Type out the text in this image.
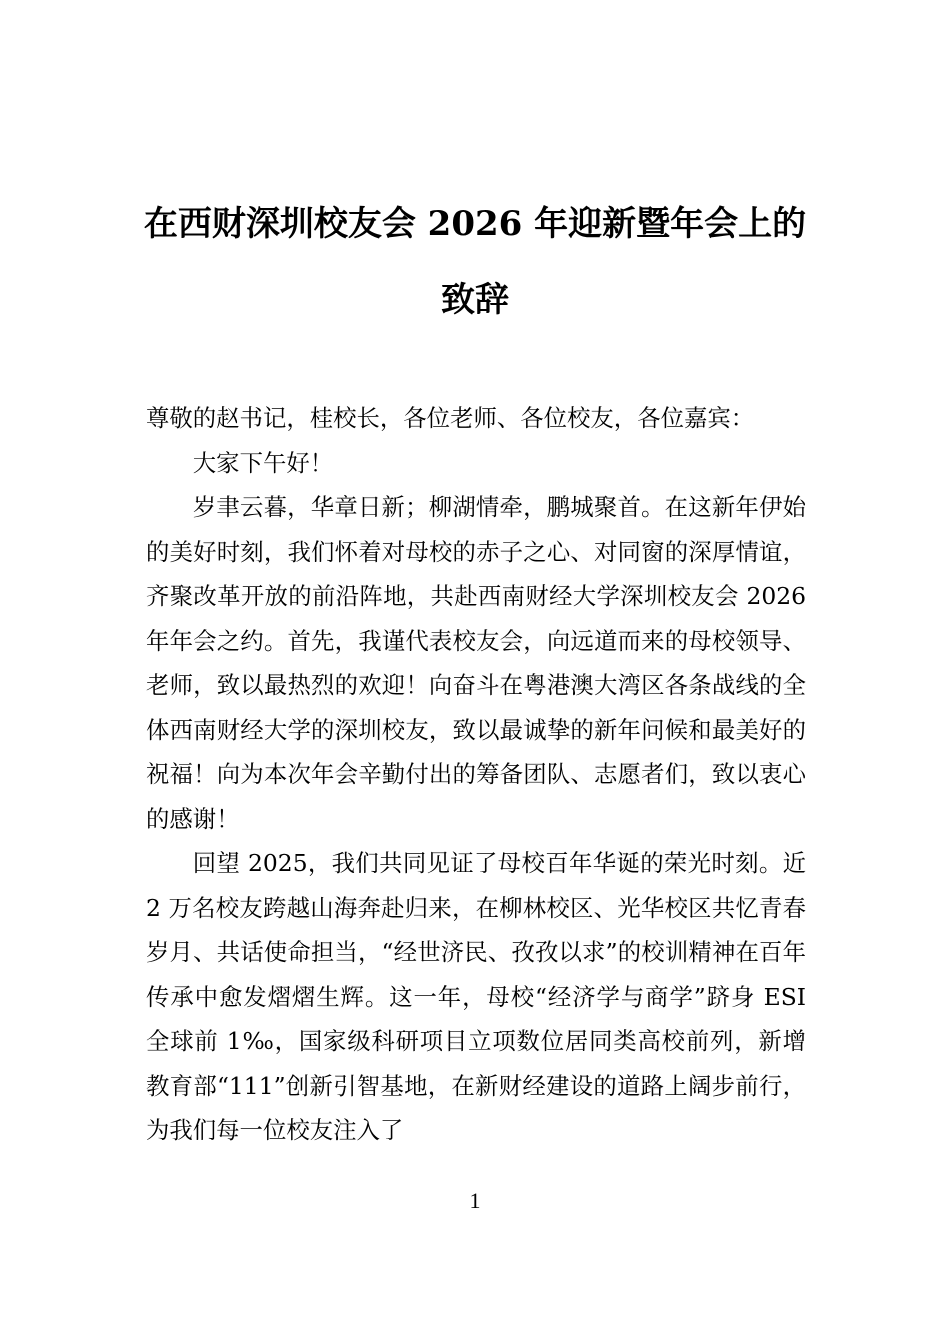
在西财深圳校友会 2026 年迎新暨年会上的
致辞

尊敬的赵书记，桂校长，各位老师、各位校友，各位嘉宾：

大家下午好！

岁聿云暮，华章日新；柳湖情牵，鹏城聚首。在这新年伊始的美好时刻，我们怀着对母校的赤子之心、对同窗的深厚情谊，齐聚改革开放的前沿阵地，共赴西南财经大学深圳校友会 2026 年年会之约。首先，我谨代表校友会，向远道而来的母校领导、老师，致以最热烈的欢迎！向奋斗在粤港澳大湾区各条战线的全体西南财经大学的深圳校友，致以最诚挚的新年问候和最美好的祝福！向为本次年会辛勤付出的筹备团队、志愿者们，致以衷心的感谢！

回望 2025，我们共同见证了母校百年华诞的荣光时刻。近 2 万名校友跨越山海奔赴归来，在柳林校区、光华校区共忆青春岁月、共话使命担当，“经世济民、孜孜以求”的校训精神在百年传承中愈发熠熠生辉。这一年，母校“经济学与商学”跻身 ESI 全球前 1‰，国家级科研项目立项数位居同类高校前列，新增教育部“111”创新引智基地，在新财经建设的道路上阔步前行，为我们每一位校友注入了

1
